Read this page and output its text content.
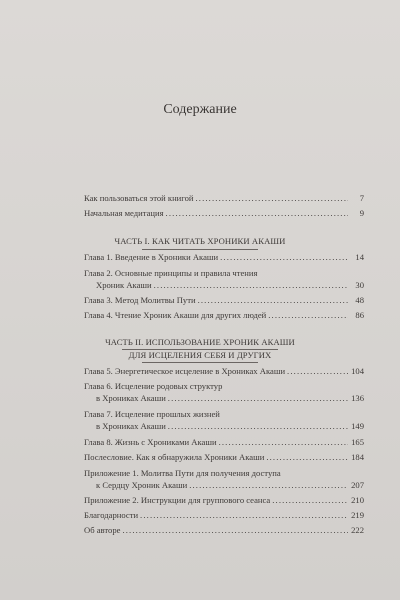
Содержание
Как пользоваться этой книгой . . .	7
Начальная медитация . . .	9
ЧАСТЬ I. КАК ЧИТАТЬ ХРОНИКИ АКАШИ
Глава 1. Введение в Хроники Акаши . . .	14
Глава 2. Основные принципы и правила чтения
Хроник Акаши . . .	30
Глава 3. Метод Молитвы Пути . . .	48
Глава 4. Чтение Хроник Акаши для других людей . . .	86
ЧАСТЬ II. ИСПОЛЬЗОВАНИЕ ХРОНИК АКАШИ
ДЛЯ ИСЦЕЛЕНИЯ СЕБЯ И ДРУГИХ
Глава 5. Энергетическое исцеление в Хрониках Акаши . . .	104
Глава 6. Исцеление родовых структур
в Хрониках Акаши . . .	136
Глава 7. Исцеление прошлых жизней
в Хрониках Акаши . . .	149
Глава 8. Жизнь с Хрониками Акаши . . .	165
Послесловие. Как я обнаружила Хроники Акаши . . .	184
Приложение 1. Молитва Пути для получения доступа
к Сердцу Хроник Акаши . . .	207
Приложение 2. Инструкции для группового сеанса . . .	210
Благодарности . . .	219
Об авторе . . .	222
